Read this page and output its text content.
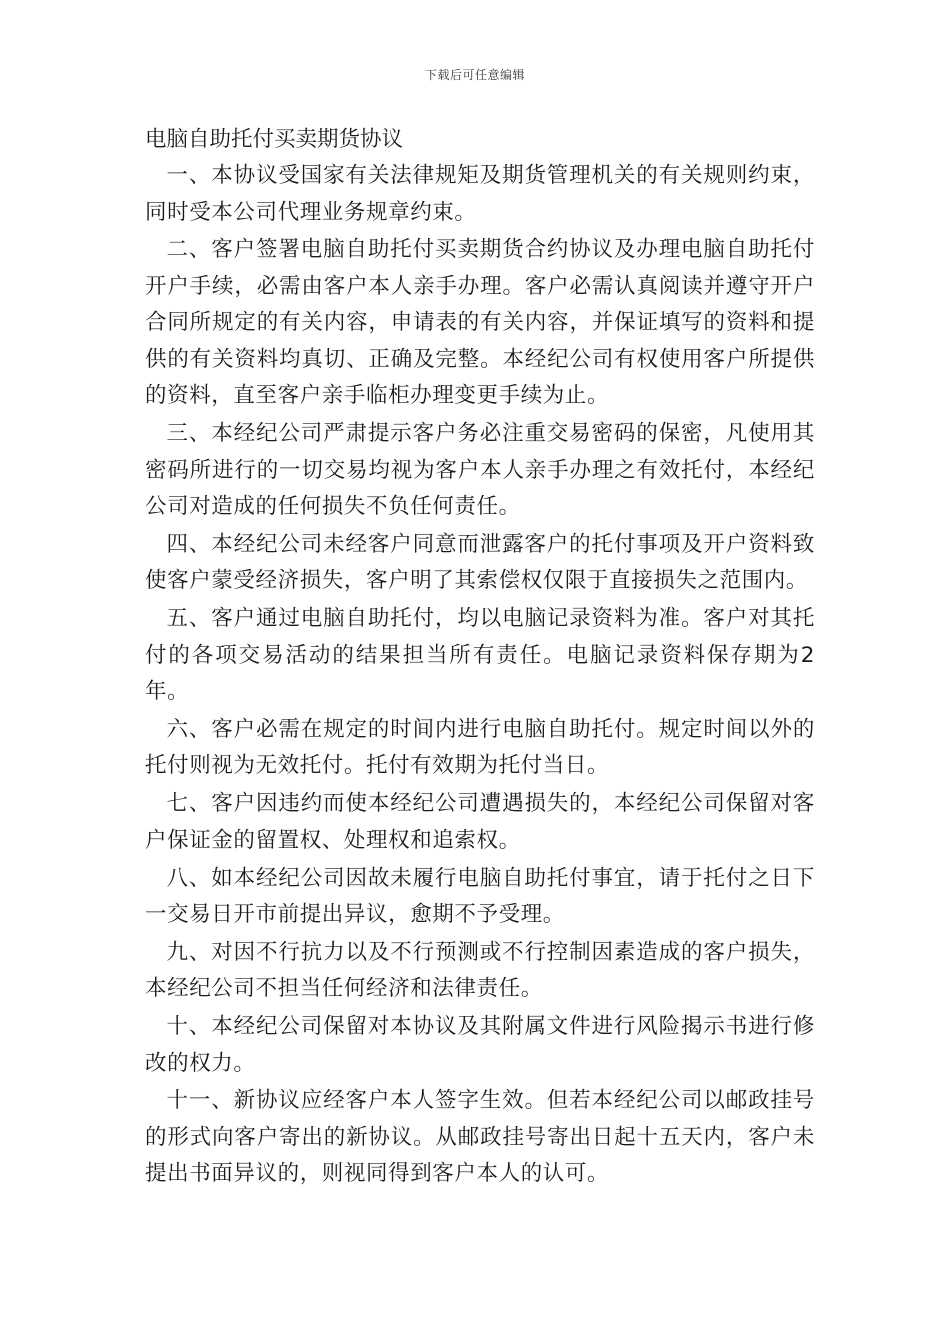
下载后可任意编辑
电脑自助托付买卖期货协议

一、本协议受国家有关法律规矩及期货管理机关的有关规则约束，同时受本公司代理业务规章约束。

二、客户签署电脑自助托付买卖期货合约协议及办理电脑自助托付开户手续，必需由客户本人亲手办理。客户必需认真阅读并遵守开户合同所规定的有关内容，申请表的有关内容，并保证填写的资料和提供的有关资料均真切、正确及完整。本经纪公司有权使用客户所提供的资料，直至客户亲手临柜办理变更手续为止。

三、本经纪公司严肃提示客户务必注重交易密码的保密，凡使用其密码所进行的一切交易均视为客户本人亲手办理之有效托付，本经纪公司对造成的任何损失不负任何责任。

四、本经纪公司未经客户同意而泄露客户的托付事项及开户资料致使客户蒙受经济损失，客户明了其索偿权仅限于直接损失之范围内。

五、客户通过电脑自助托付，均以电脑记录资料为准。客户对其托付的各项交易活动的结果担当所有责任。电脑记录资料保存期为2年。

六、客户必需在规定的时间内进行电脑自助托付。规定时间以外的托付则视为无效托付。托付有效期为托付当日。

七、客户因违约而使本经纪公司遭遇损失的，本经纪公司保留对客户保证金的留置权、处理权和追索权。

八、如本经纪公司因故未履行电脑自助托付事宜，请于托付之日下一交易日开市前提出异议，愈期不予受理。

九、对因不行抗力以及不行预测或不行控制因素造成的客户损失，本经纪公司不担当任何经济和法律责任。

十、本经纪公司保留对本协议及其附属文件进行风险揭示书进行修改的权力。

十一、新协议应经客户本人签字生效。但若本经纪公司以邮政挂号的形式向客户寄出的新协议。从邮政挂号寄出日起十五天内，客户未提出书面异议的，则视同得到客户本人的认可。
